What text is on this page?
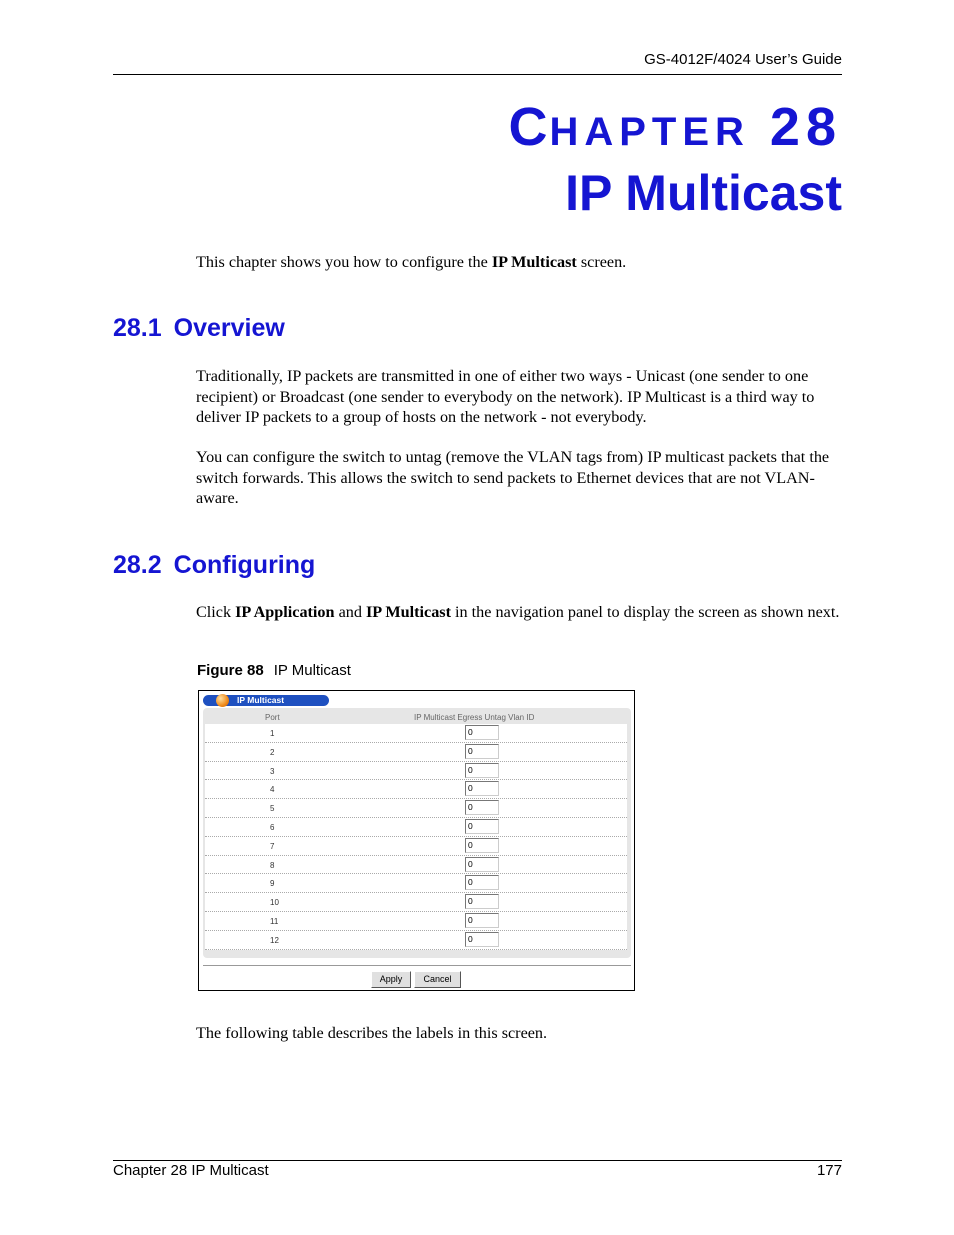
GS-4012F/4024 User’s Guide
CHAPTER 28
IP Multicast
This chapter shows you how to configure the IP Multicast screen.
28.1 Overview
Traditionally, IP packets are transmitted in one of either two ways - Unicast (one sender to one recipient) or Broadcast (one sender to everybody on the network). IP Multicast is a third way to deliver IP packets to a group of hosts on the network - not everybody.
You can configure the switch to untag (remove the VLAN tags from) IP multicast packets that the switch forwards. This allows the switch to send packets to Ethernet devices that are not VLAN-aware.
28.2 Configuring
Click IP Application and IP Multicast in the navigation panel to display the screen as shown next.
Figure 88 IP Multicast
IP Multicast
Port	IP Multicast Egress Untag Vlan ID
1	0
2	0
3	0
4	0
5	0
6	0
7	0
8	0
9	0
10	0
11	0
12	0
Apply	Cancel
The following table describes the labels in this screen.
Chapter 28 IP Multicast	177
